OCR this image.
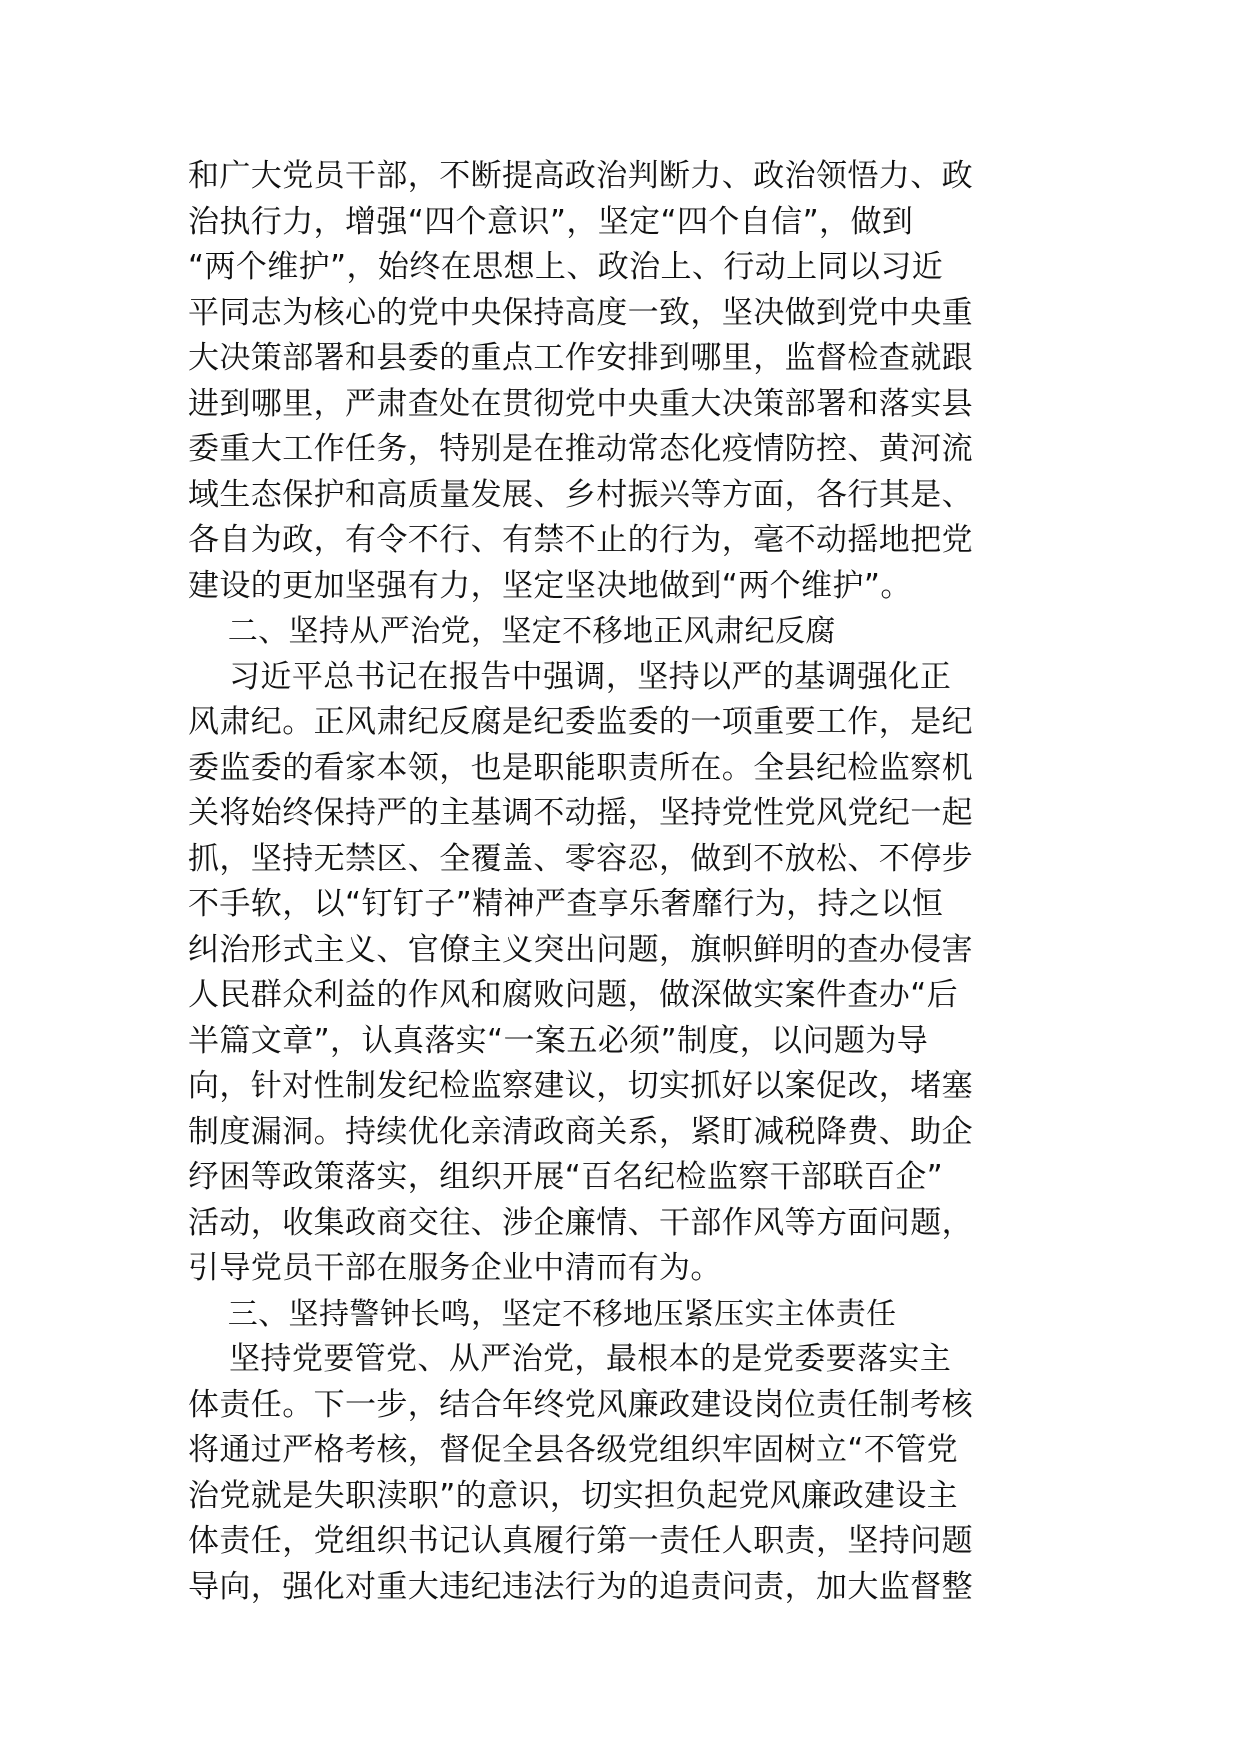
和广大党员干部，不断提高政治判断力、政治领悟力、政
治执行力，增强“四个意识”，坚定“四个自信”，做到
“两个维护”，始终在思想上、政治上、行动上同以习近
平同志为核心的党中央保持高度一致，坚决做到党中央重
大决策部署和县委的重点工作安排到哪里，监督检查就跟
进到哪里，严肃查处在贯彻党中央重大决策部署和落实县
委重大工作任务，特别是在推动常态化疫情防控、黄河流
域生态保护和高质量发展、乡村振兴等方面，各行其是、
各自为政，有令不行、有禁不止的行为，毫不动摇地把党
建设的更加坚强有力，坚定坚决地做到“两个维护”。
二、坚持从严治党，坚定不移地正风肃纪反腐
习近平总书记在报告中强调，坚持以严的基调强化正
风肃纪。正风肃纪反腐是纪委监委的一项重要工作，是纪
委监委的看家本领，也是职能职责所在。全县纪检监察机
关将始终保持严的主基调不动摇，坚持党性党风党纪一起
抓，坚持无禁区、全覆盖、零容忍，做到不放松、不停步
不手软，以“钉钉子”精神严查享乐奢靡行为，持之以恒
纠治形式主义、官僚主义突出问题，旗帜鲜明的查办侵害
人民群众利益的作风和腐败问题，做深做实案件查办“后
半篇文章”，认真落实“一案五必须”制度，以问题为导
向，针对性制发纪检监察建议，切实抓好以案促改，堵塞
制度漏洞。持续优化亲清政商关系，紧盯减税降费、助企
纾困等政策落实，组织开展“百名纪检监察干部联百企”
活动，收集政商交往、涉企廉情、干部作风等方面问题，
引导党员干部在服务企业中清而有为。
三、坚持警钟长鸣，坚定不移地压紧压实主体责任
坚持党要管党、从严治党，最根本的是党委要落实主
体责任。下一步，结合年终党风廉政建设岗位责任制考核
将通过严格考核，督促全县各级党组织牢固树立“不管党
治党就是失职渎职”的意识，切实担负起党风廉政建设主
体责任，党组织书记认真履行第一责任人职责，坚持问题
导向，强化对重大违纪违法行为的追责问责，加大监督整
